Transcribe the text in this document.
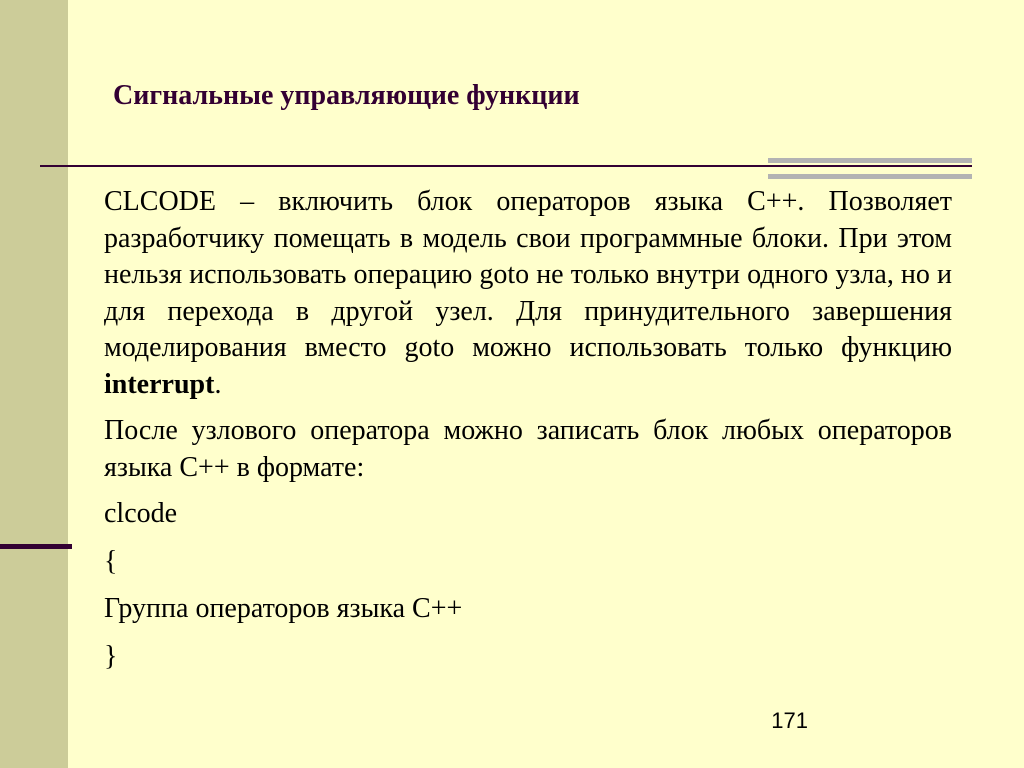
Сигнальные управляющие функции

CLCODE – включить блок операторов языка С++. Позволяет разработчику помещать в модель свои программные блоки. При этом нельзя использовать операцию goto не только внутри одного узла, но и для перехода в другой узел. Для принудительного завершения моделирования вместо goto можно использовать только функцию interrupt.

После узлового оператора можно записать блок любых операторов языка С++ в формате:

clcode
{
Группа операторов языка С++
}
171
